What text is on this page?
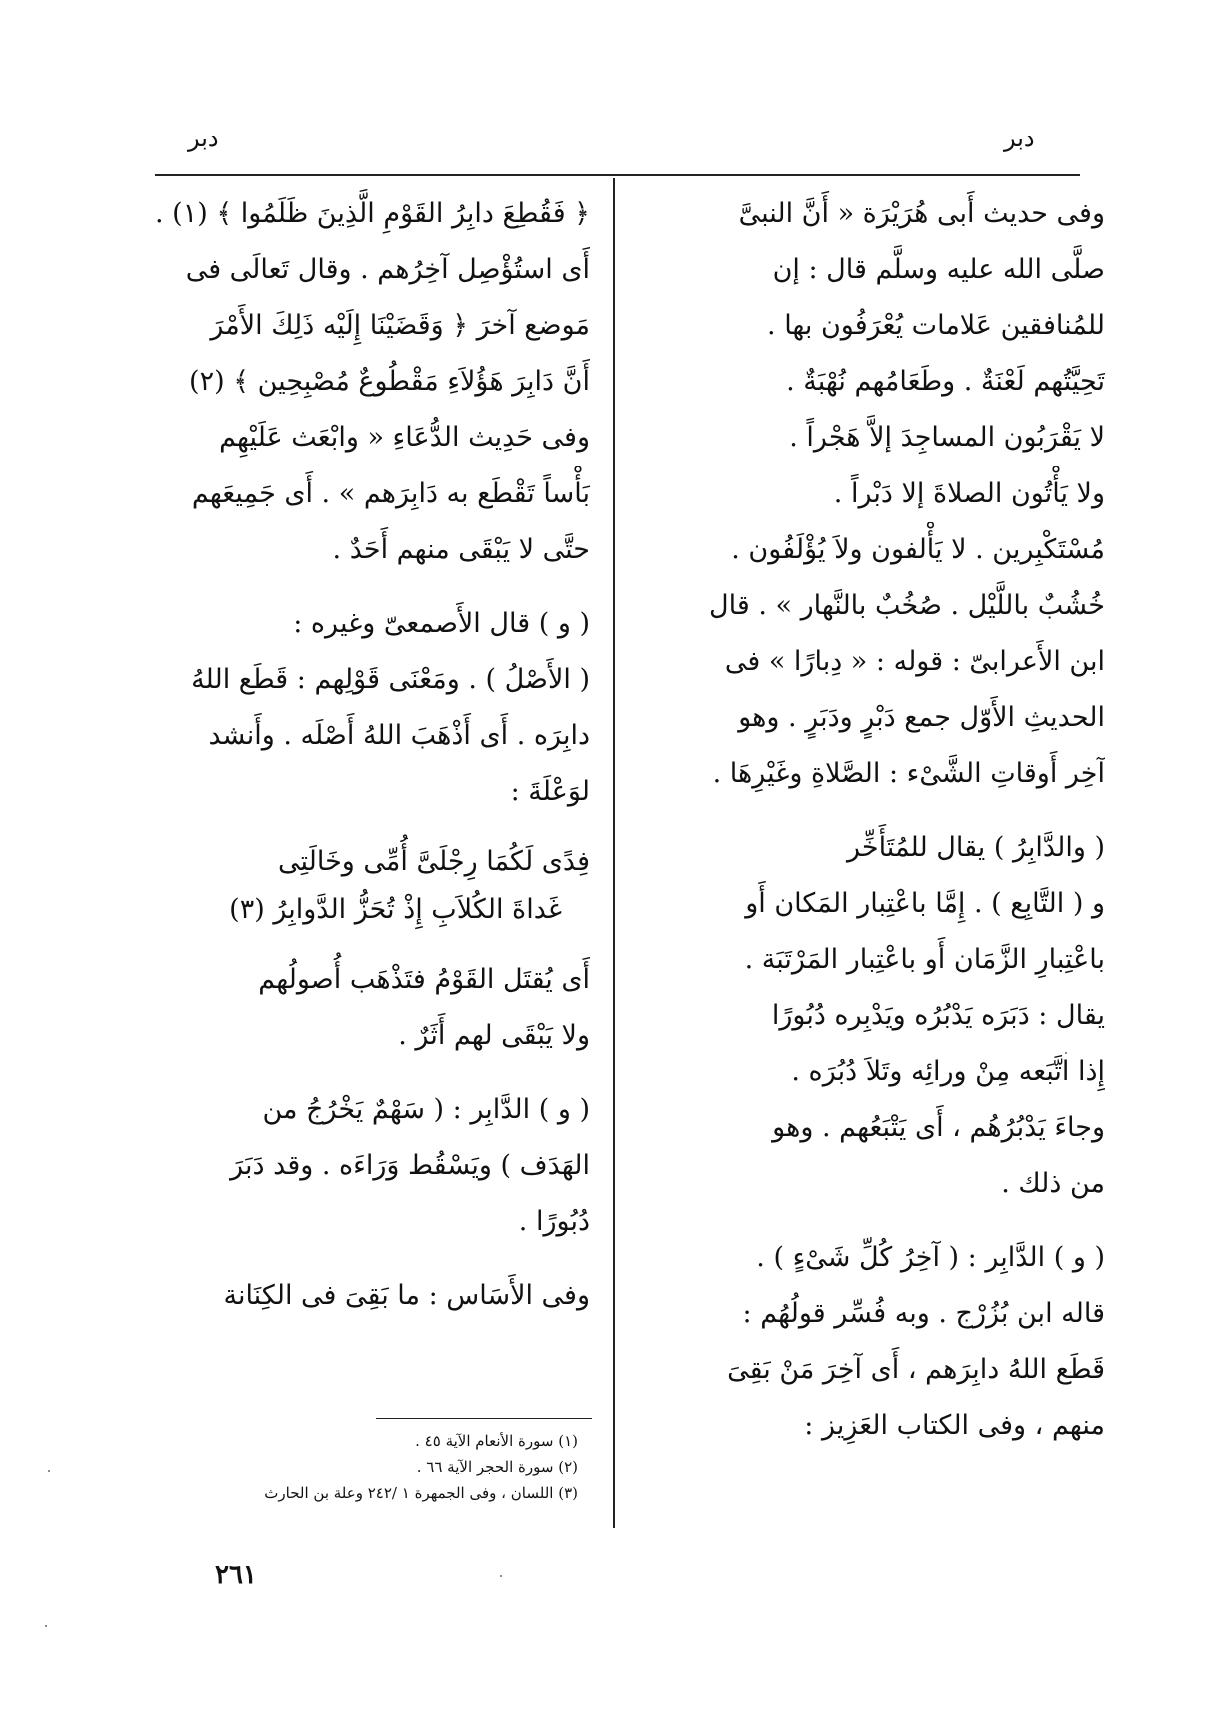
دبر
دبر
وفى حديث أَبى هُرَيْرَة « أَنَّ النبىَّ
صلَّى الله عليه وسلَّم قال : إن
للمُنافقين عَلامات يُعْرَفُون بها .
تَحِيَّتُهم لَعْنَةٌ . وطَعَامُهم نُهْبَةٌ .
لا يَقْرَبُون المساجِدَ إلاَّ هَجْراً .
ولا يَأْتُون الصلاةَ إلا دَبْراً .
مُسْتَكْبِرين . لا يَأْلفون ولاَ يُؤْلَفُون .
خُشُبٌ باللَّيْل . صُخُبٌ بالنَّهار » . قال
ابن الأَعرابىّ : قوله : « دِبارًا » فى
الحديثِ الأَوّل جمع دَبْرٍ ودَبَرٍ . وهو
آخِر أَوقاتِ الشَّىْء : الصَّلاةِ وغَيْرِهَا .
( والدَّابِرُ ) يقال للمُتَأَخِّر
و ( التَّابِع ) . إِمَّا باعْتِبار المَكان أَو
باعْتِبارِ الزَّمَان أَو باعْتِبار المَرْتَبَة .
يقال : دَبَرَه يَدْبُرُه ويَدْبِره دُبُورًا
إِذا اتَّبَعه مِنْ ورائِه وتَلاَ دُبُرَه .
وجاءَ يَدْبُرُهُم ، أَى يَتْبَعُهم . وهو
من ذلك .
( و ) الدَّابِر : ( آخِرُ كُلِّ شَىْءٍ ) .
قاله ابن بُزُرْج . وبه فُسِّر قولُهُم :
قَطَع اللهُ دابِرَهم ، أَى آخِرَ مَنْ بَقِىَ
منهم ، وفى الكتاب العَزِيز :
﴿ فَقُطِعَ دابِرُ القَوْمِ الَّذِينَ ظَلَمُوا ﴾ (١) .
أَى استُؤْصِل آخِرُهم . وقال تَعالَى فى
مَوضع آخرَ ﴿ وَقَضَيْنَا إِلَيْه ذَلِكَ الأَمْرَ
أَنَّ دَابِرَ هَؤُلاَءِ مَقْطُوعٌ مُصْبِحِين ﴾ (٢)
وفى حَدِيث الدُّعَاءِ « وابْعَث عَلَيْهِم
بَأْساً تَقْطَع به دَابِرَهم » . أَى جَمِيعَهم
حتَّى لا يَبْقَى منهم أَحَدٌ .
( و ) قال الأَصمعىّ وغيره :
( الأَصْلُ ) . ومَعْنَى قَوْلِهم : قَطَع اللهُ
دابِرَه . أَى أَذْهَبَ اللهُ أَصْلَه . وأَنشد
لوَعْلَةَ :
فِدًى لَكُمَا رِجْلَىَّ أُمِّى وخَالَتِى
غَداةَ الكُلاَبِ إِذْ تُحَزُّ الدَّوابِرُ (٣)
أَى يُقتَل القَوْمُ فتَذْهَب أُصولُهم
ولا يَبْقَى لهم أَثَرٌ .
( و ) الدَّابِر : ( سَهْمٌ يَخْرُجُ من
الهَدَف ) ويَسْقُط وَرَاءَه . وقد دَبَرَ
دُبُورًا .
وفى الأَسَاس : ما بَقِىَ فى الكِنَانة
(١) سورة الأنعام الآية ٤٥ .
(٢) سورة الحجر الآية ٦٦ .
(٣) اللسان ، وفى الجمهرة ١ /٢٤٢ وعلة بن الحارث
٢٦١
